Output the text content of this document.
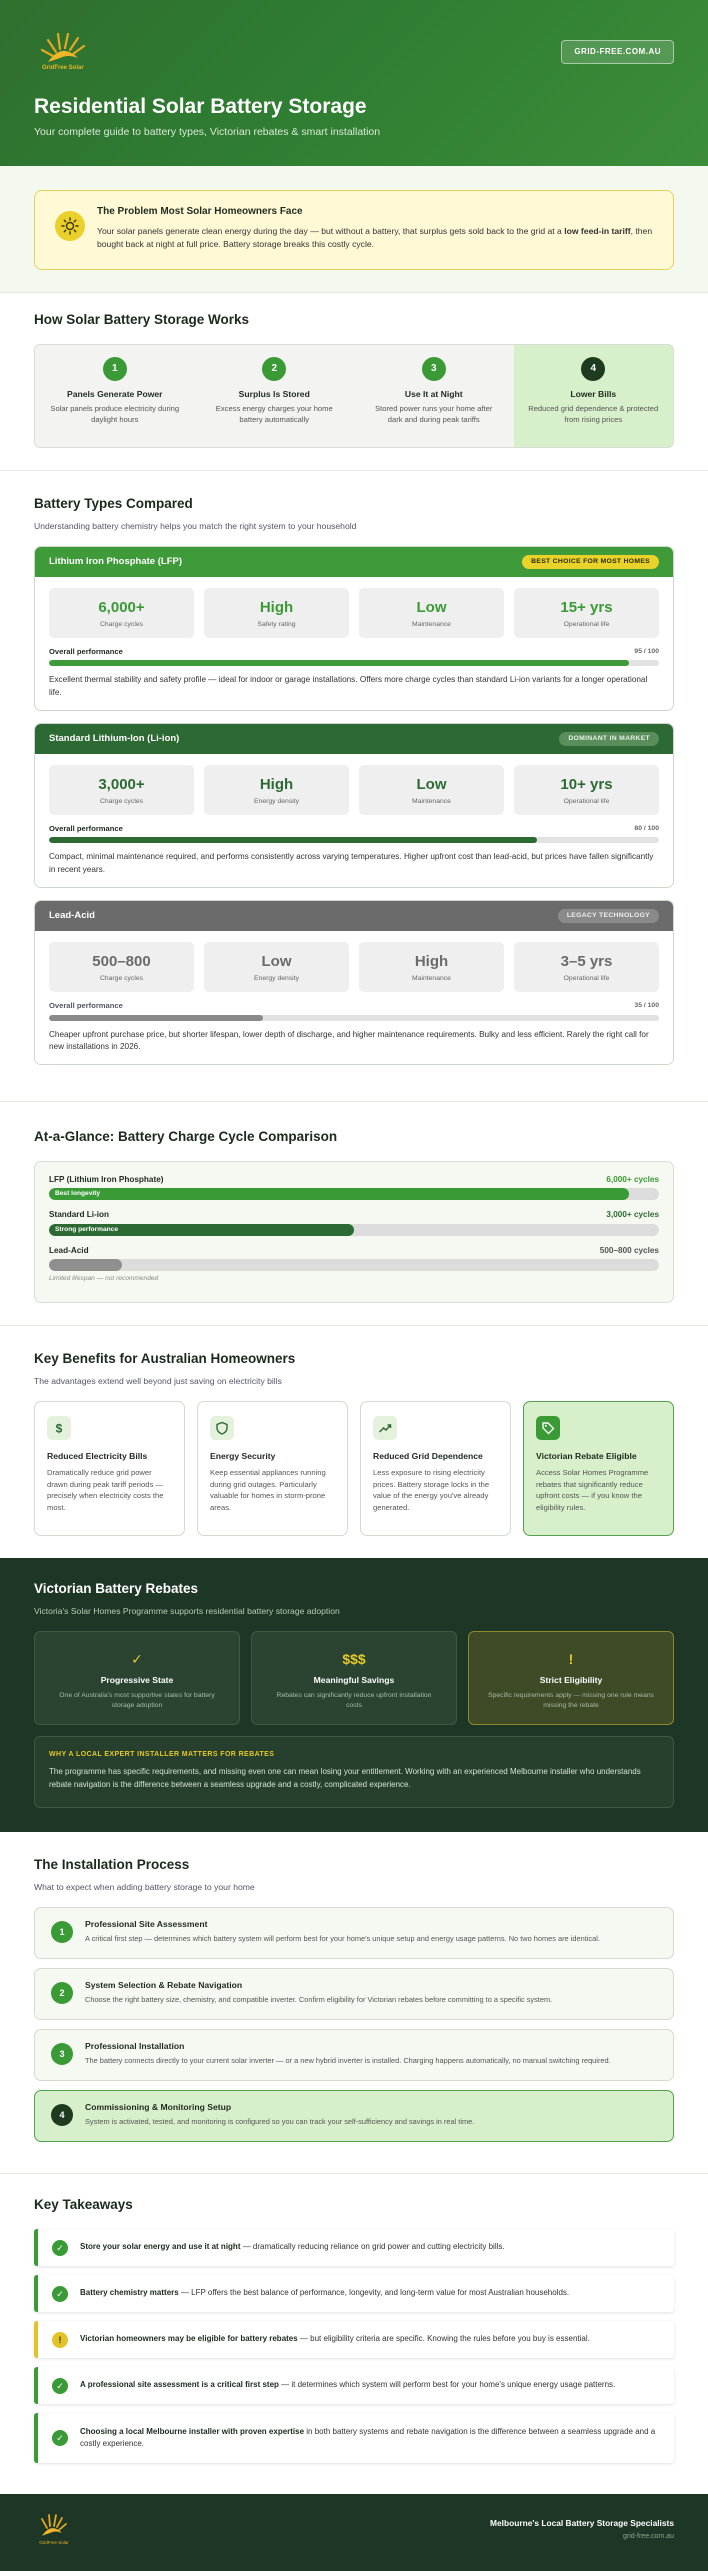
GridFree Solar
GRID-FREE.COM.AU
Residential Solar Battery Storage
Your complete guide to battery types, Victorian rebates & smart installation
The Problem Most Solar Homeowners Face

Your solar panels generate clean energy during the day — but without a battery, that surplus gets sold back to the grid at a low feed-in tariff, then bought back at night at full price. Battery storage breaks this costly cycle.

How Solar Battery Storage Works
1
Panels Generate Power

Solar panels produce electricity during daylight hours

2
Surplus Is Stored

Excess energy charges your home battery automatically

3
Use It at Night

Stored power runs your home after dark and during peak tariffs

4
Lower Bills

Reduced grid dependence & protected from rising prices

Battery Types Compared
Understanding battery chemistry helps you match the right system to your household
Lithium Iron Phosphate (LFP)	BEST CHOICE FOR MOST HOMES
6,000+
Charge cycles
High
Safety rating
Low
Maintenance
15+ yrs
Operational life
Overall performance	95 / 100

Excellent thermal stability and safety profile — ideal for indoor or garage installations. Offers more charge cycles than standard Li-ion variants for a longer operational life.

Standard Lithium-Ion (Li-ion)	DOMINANT IN MARKET
3,000+
Charge cycles
High
Energy density
Low
Maintenance
10+ yrs
Operational life
Overall performance	80 / 100

Compact, minimal maintenance required, and performs consistently across varying temperatures. Higher upfront cost than lead-acid, but prices have fallen significantly in recent years.

Lead-Acid	LEGACY TECHNOLOGY
500–800
Charge cycles
Low
Energy density
High
Maintenance
3–5 yrs
Operational life
Overall performance	35 / 100

Cheaper upfront purchase price, but shorter lifespan, lower depth of discharge, and higher maintenance requirements. Bulky and less efficient. Rarely the right call for new installations in 2026.

At-a-Glance: Battery Charge Cycle Comparison
LFP (Lithium Iron Phosphate)	6,000+ cycles
Best longevity
Standard Li-ion	3,000+ cycles
Strong performance
Lead-Acid	500–800 cycles
Limited lifespan — not recommended
Key Benefits for Australian Homeowners
The advantages extend well beyond just saving on electricity bills
$
Reduced Electricity Bills

Dramatically reduce grid power drawn during peak tariff periods — precisely when electricity costs the most.

Energy Security

Keep essential appliances running during grid outages. Particularly valuable for homes in storm-prone areas.

Reduced Grid Dependence

Less exposure to rising electricity prices. Battery storage locks in the value of the energy you've already generated.

Victorian Rebate Eligible

Access Solar Homes Programme rebates that significantly reduce upfront costs — if you know the eligibility rules.

Victorian Battery Rebates
Victoria's Solar Homes Programme supports residential battery storage adoption
✓
Progressive State

One of Australia's most supportive states for battery storage adoption

$$$
Meaningful Savings

Rebates can significantly reduce upfront installation costs

!
Strict Eligibility

Specific requirements apply — missing one rule means missing the rebate

WHY A LOCAL EXPERT INSTALLER MATTERS FOR REBATES

The programme has specific requirements, and missing even one can mean losing your entitlement. Working with an experienced Melbourne installer who understands rebate navigation is the difference between a seamless upgrade and a costly, complicated experience.

The Installation Process
What to expect when adding battery storage to your home
1
Professional Site Assessment

A critical first step — determines which battery system will perform best for your home's unique setup and energy usage patterns. No two homes are identical.

2
System Selection & Rebate Navigation

Choose the right battery size, chemistry, and compatible inverter. Confirm eligibility for Victorian rebates before committing to a specific system.

3
Professional Installation

The battery connects directly to your current solar inverter — or a new hybrid inverter is installed. Charging happens automatically, no manual switching required.

4
Commissioning & Monitoring Setup

System is activated, tested, and monitoring is configured so you can track your self-sufficiency and savings in real time.

Key Takeaways
✓	Store your solar energy and use it at night — dramatically reducing reliance on grid power and cutting electricity bills.

✓	Battery chemistry matters — LFP offers the best balance of performance, longevity, and long-term value for most Australian households.

!	Victorian homeowners may be eligible for battery rebates — but eligibility criteria are specific. Knowing the rules before you buy is essential.

✓	A professional site assessment is a critical first step — it determines which system will perform best for your home's unique energy usage patterns.

✓

Choosing a local Melbourne installer with proven expertise in both battery systems and rebate navigation is the difference between a seamless upgrade and a costly experience.

GridFree Solar
Melbourne's Local Battery Storage Specialists
grid-free.com.au
